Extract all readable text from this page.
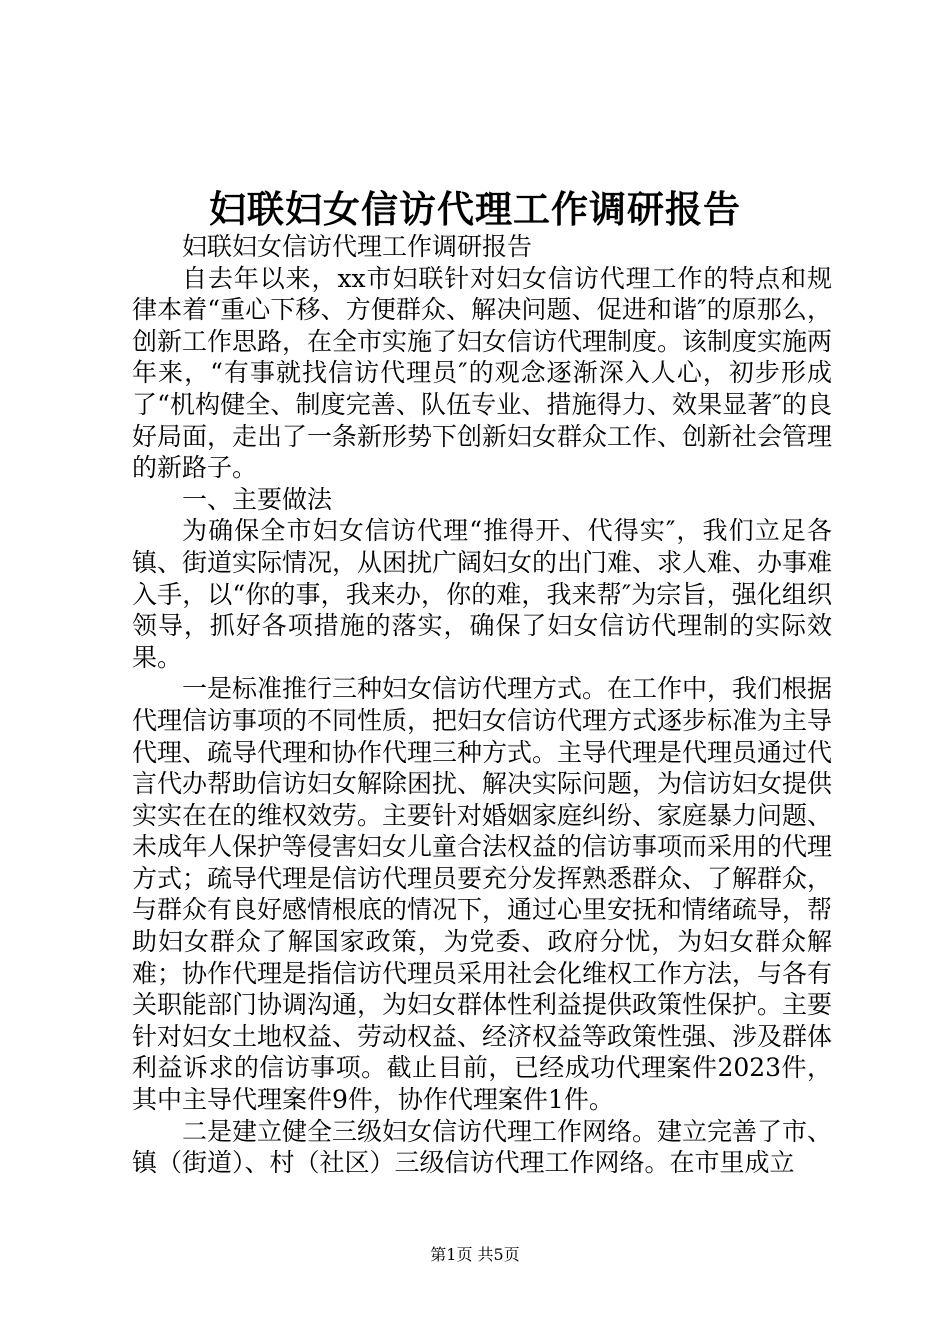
妇联妇女信访代理工作调研报告

妇联妇女信访代理工作调研报告

自去年以来，xx市妇联针对妇女信访代理工作的特点和规律本着“重心下移、方便群众、解决问题、促进和谐″的原那么，创新工作思路，在全市实施了妇女信访代理制度。该制度实施两年来，“有事就找信访代理员″的观念逐渐深入人心，初步形成了“机构健全、制度完善、队伍专业、措施得力、效果显著″的良好局面，走出了一条新形势下创新妇女群众工作、创新社会管理的新路子。

一、主要做法

为确保全市妇女信访代理“推得开、代得实″，我们立足各镇、街道实际情况，从困扰广阔妇女的出门难、求人难、办事难入手，以“你的事，我来办，你的难，我来帮″为宗旨，强化组织领导，抓好各项措施的落实，确保了妇女信访代理制的实际效果。

一是标准推行三种妇女信访代理方式。在工作中，我们根据代理信访事项的不同性质，把妇女信访代理方式逐步标准为主导代理、疏导代理和协作代理三种方式。主导代理是代理员通过代言代办帮助信访妇女解除困扰、解决实际问题，为信访妇女提供实实在在的维权效劳。主要针对婚姻家庭纠纷、家庭暴力问题、未成年人保护等侵害妇女儿童合法权益的信访事项而采用的代理方式；疏导代理是信访代理员要充分发挥熟悉群众、了解群众，与群众有良好感情根底的情况下，通过心里安抚和情绪疏导，帮助妇女群众了解国家政策，为党委、政府分忧，为妇女群众解难；协作代理是指信访代理员采用社会化维权工作方法，与各有关职能部门协调沟通，为妇女群体性利益提供政策性保护。主要针对妇女土地权益、劳动权益、经济权益等政策性强、涉及群体利益诉求的信访事项。截止目前，已经成功代理案件2023件，其中主导代理案件9件，协作代理案件1件。

二是建立健全三级妇女信访代理工作网络。建立完善了市、镇（街道）、村（社区）三级信访代理工作网络。在市里成立

第1页 共5页
